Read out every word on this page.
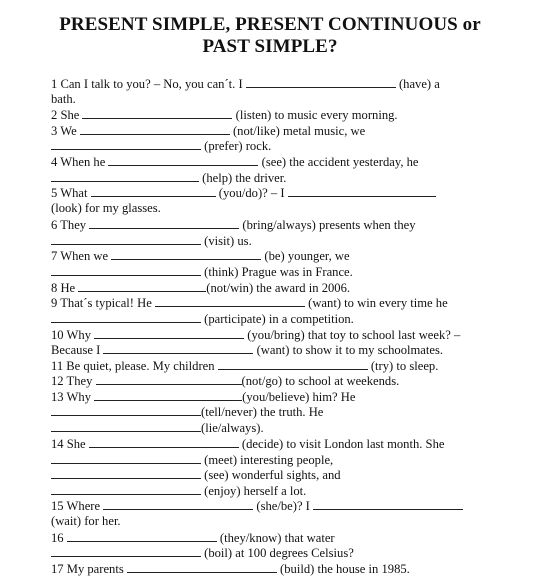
PRESENT SIMPLE, PRESENT CONTINUOUS or
PAST SIMPLE?
1 Can I talk to you? – No, you can´t. I	(have) a
bath.
2 She	(listen) to music every morning.
3 We	(not/like) metal music, we
(prefer) rock.
4 When he	(see) the accident yesterday, he
(help) the driver.
5 What	(you/do)? – I
(look) for my glasses.
6 They	(bring/always) presents when they
(visit) us.
7 When we	(be) younger, we
(think) Prague was in France.
8 He	(not/win) the award in 2006.
9 That´s typical! He	(want) to win every time he
(participate) in a competition.
10 Why	(you/bring) that toy to school last week? –
Because I	(want) to show it to my schoolmates.
11 Be quiet, please. My children	(try) to sleep.
12 They	(not/go) to school at weekends.
13 Why	(you/believe) him? He
(tell/never) the truth. He
(lie/always).
14 She	(decide) to visit London last month. She
(meet) interesting people,
(see) wonderful sights, and
(enjoy) herself a lot.
15 Where	(she/be)? I
(wait) for her.
16	(they/know) that water
(boil) at 100 degrees Celsius?
17 My parents	(build) the house in 1985.
